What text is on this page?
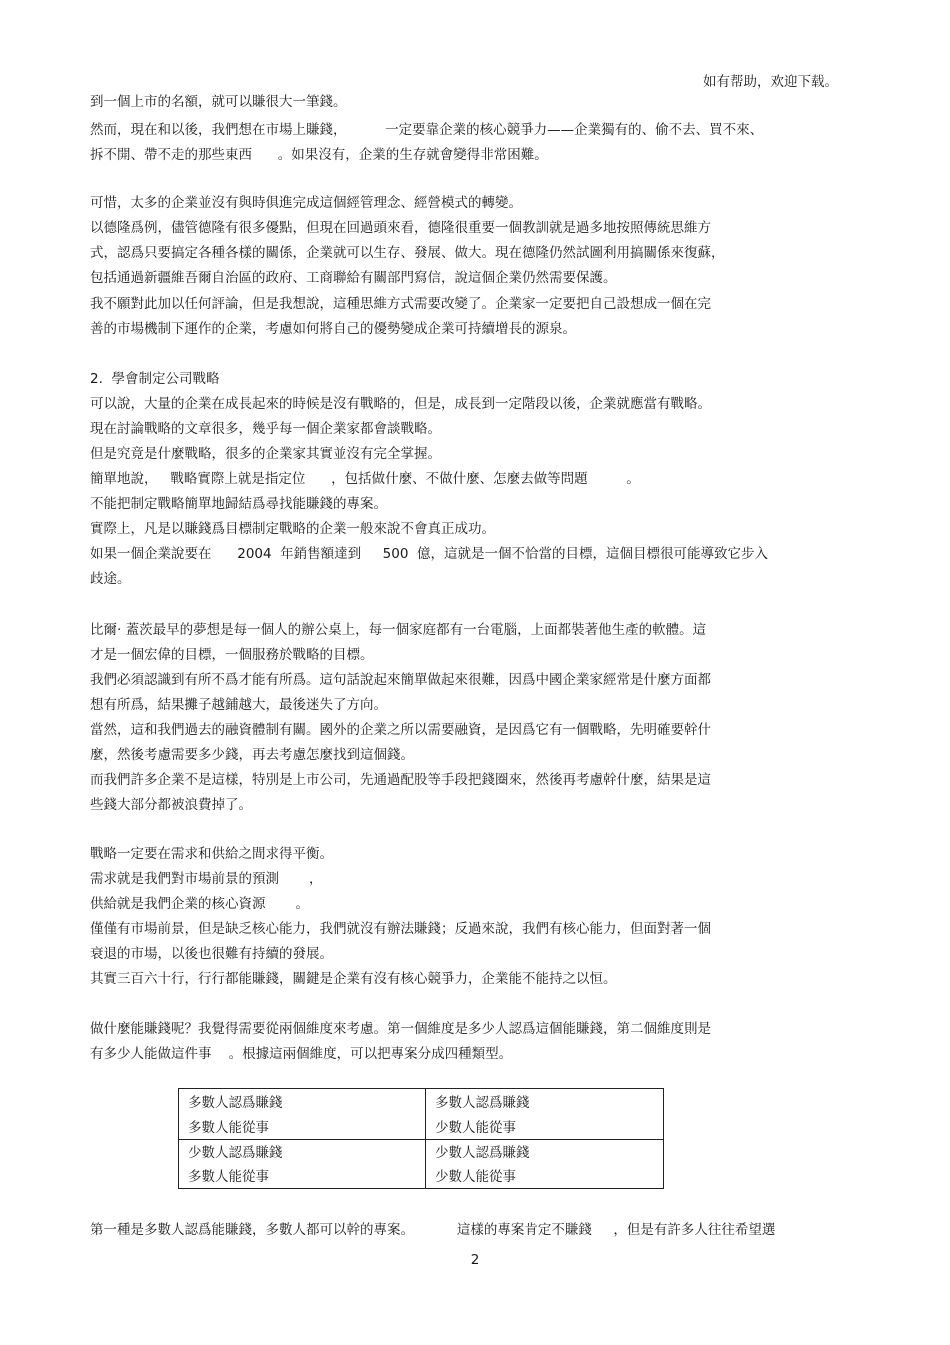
如有帮助，欢迎下载。
到一個上市的名額，就可以賺很大一筆錢。
然而，現在和以後，我們想在市場上賺錢，         一定要靠企業的核心競爭力——企業獨有的、偷不去、買不來、
拆不開、帶不走的那些東西      。如果沒有，企業的生存就會變得非常困難。
可惜，太多的企業並沒有與時俱進完成這個經管理念、經營模式的轉變。
以德隆爲例，儘管德隆有很多優點，但現在回過頭來看，德隆很重要一個教訓就是過多地按照傳統思維方
式，認爲只要搞定各種各樣的關係，企業就可以生存、發展、做大。現在德隆仍然試圖利用搞關係來復蘇，
包括通過新疆維吾爾自治區的政府、工商聯給有關部門寫信，說這個企業仍然需要保護。
我不願對此加以任何評論，但是我想說，這種思維方式需要改變了。企業家一定要把自己設想成一個在完
善的市場機制下運作的企業，考慮如何將自己的優勢變成企業可持續增長的源泉。
2.  學會制定公司戰略
可以說，大量的企業在成長起來的時候是沒有戰略的，但是，成長到一定階段以後，企業就應當有戰略。
現在討論戰略的文章很多，幾乎每一個企業家都會談戰略。
但是究竟是什麼戰略，很多的企業家其實並沒有完全掌握。
簡單地說，   戰略實際上就是指定位      ，包括做什麼、不做什麼、怎麼去做等問題         。
不能把制定戰略簡單地歸結爲尋找能賺錢的專案。
實際上，凡是以賺錢爲目標制定戰略的企業一般來說不會真正成功。
如果一個企業說要在      2004  年銷售額達到     500  億，這就是一個不恰當的目標，這個目標很可能導致它步入
歧途。
比爾· 蓋茨最早的夢想是每一個人的辦公桌上，每一個家庭都有一台電腦，上面都裝著他生產的軟體。這
才是一個宏偉的目標，一個服務於戰略的目標。
我們必須認識到有所不爲才能有所爲。這句話說起來簡單做起來很難，因爲中國企業家經常是什麼方面都
想有所爲，結果攤子越鋪越大，最後迷失了方向。
當然，這和我們過去的融資體制有關。國外的企業之所以需要融資，是因爲它有一個戰略，先明確要幹什
麼，然後考慮需要多少錢，再去考慮怎麼找到這個錢。
而我們許多企業不是這樣，特別是上市公司，先通過配股等手段把錢圈來，然後再考慮幹什麼，結果是這
些錢大部分都被浪費掉了。
戰略一定要在需求和供給之間求得平衡。
需求就是我們對市場前景的預測       ，
供給就是我們企業的核心資源       。
僅僅有市場前景，但是缺乏核心能力，我們就沒有辦法賺錢；反過來說，我們有核心能力，但面對著一個
衰退的市場，以後也很難有持續的發展。
其實三百六十行，行行都能賺錢，關鍵是企業有沒有核心競爭力，企業能不能持之以恒。
做什麼能賺錢呢？我覺得需要從兩個維度來考慮。第一個維度是多少人認爲這個能賺錢，第二個維度則是
有多少人能做這件事    。根據這兩個維度，可以把專案分成四種類型。
多數人認爲賺錢
多數人能從事
多數人認爲賺錢
少數人能從事
少數人認爲賺錢
多數人能從事
少數人認爲賺錢
少數人能從事
第一種是多數人認爲能賺錢，多數人都可以幹的專案。          這樣的專案肯定不賺錢     ，但是有許多人往往希望選
2
